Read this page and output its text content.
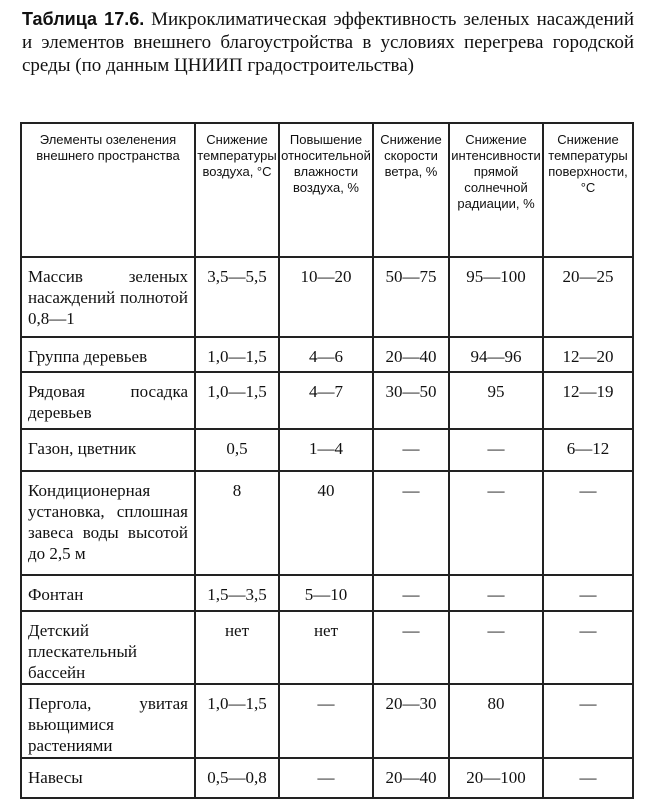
Таблица 17.6. Микроклиматическая эффективность зеленых насаждений и элементов внешнего благоустройства в условиях перегрева городской среды (по данным ЦНИИП градостроительства)

Элементы озеленения внешнего пространства	Снижение температуры воздуха, °С	Повышение относительной влажности воздуха, %	Снижение скорости ветра, %	Снижение интенсивности прямой солнечной радиации, %	Снижение температуры поверхности, °С
Массив зеленых насаждений полнотой 0,8—1	3,5—5,5	10—20	50—75	95—100	20—25
Группа деревьев	1,0—1,5	4—6	20—40	94—96	12—20
Рядовая посадка деревьев	1,0—1,5	4—7	30—50	95	12—19
Газон, цветник	0,5	1—4	—	—	6—12
Кондиционерная установка, сплошная завеса воды высотой до 2,5 м	8	40	—	—	—
Фонтан	1,5—3,5	5—10	—	—	—
Детский плескательный бассейн	нет	нет	—	—	—
Пергола, увитая вьющимися растениями	1,0—1,5	—	20—30	80	—
Навесы	0,5—0,8	—	20—40	20—100	—
